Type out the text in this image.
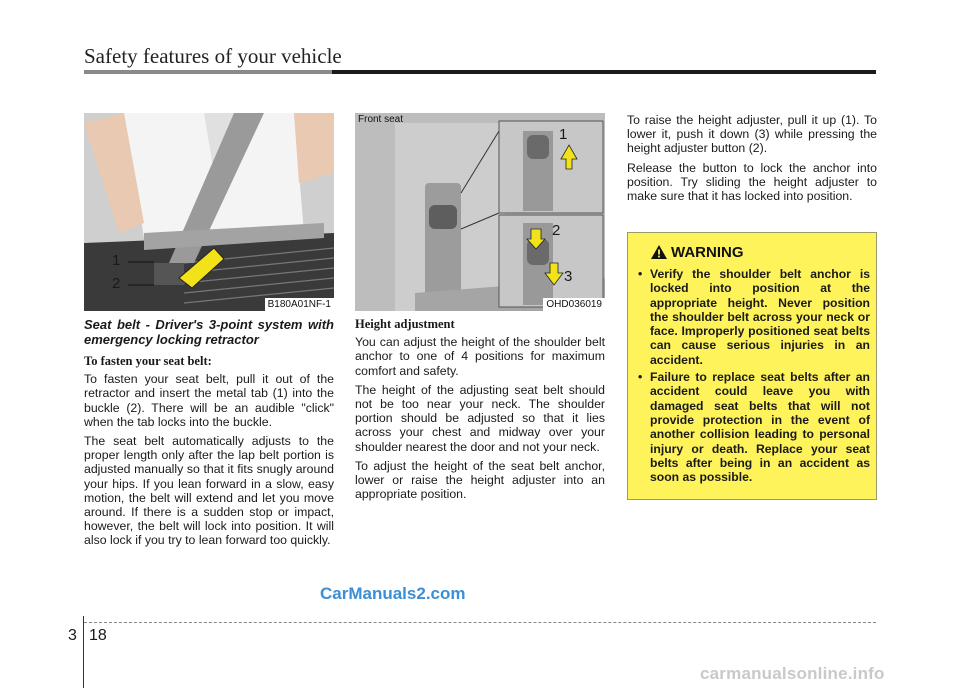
Safety features of your vehicle
1
2
B180A01NF-1
Front seat
1
2
3
OHD036019
Seat belt - Driver's 3-point system with emergency locking retractor
To fasten your seat belt:

To fasten your seat belt, pull it out of the retractor and insert the metal tab (1) into the buckle (2). There will be an audible "click" when the tab locks into the buckle.

The seat belt automatically adjusts to the proper length only after the lap belt portion is adjusted manually so that it fits snugly around your hips. If you lean forward in a slow, easy motion, the belt will extend and let you move around. If there is a sudden stop or impact, however, the belt will lock into position. It will also lock if you try to lean forward too quickly.

Height adjustment

You can adjust the height of the shoulder belt anchor to one of 4 positions for maximum comfort and safety.

The height of the adjusting seat belt should not be too near your neck. The shoulder portion should be adjusted so that it lies across your chest and midway over your shoulder nearest the door and not your neck.

To adjust the height of the seat belt anchor, lower or raise the height adjuster into an appropriate position.

To raise the height adjuster, pull it up (1). To lower it, push it down (3) while pressing the height adjuster button (2).

Release the button to lock the anchor into position. Try sliding the height adjuster to make sure that it has locked into position.

WARNING
• Verify the shoulder belt anchor is locked into position at the appropriate height. Never position the shoulder belt across your neck or face. Improperly positioned seat belts can cause serious injuries in an accident.
• Failure to replace seat belts after an accident could leave you with damaged seat belts that will not provide protection in the event of another collision leading to personal injury or death. Replace your seat belts after being in an accident as soon as possible.
CarManuals2.com
3 18
carmanualsonline.info
